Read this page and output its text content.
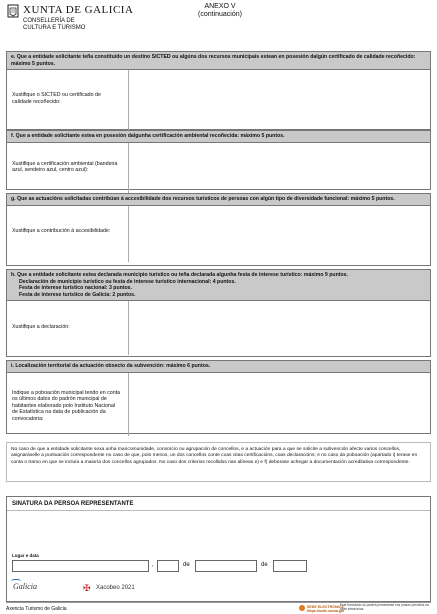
XUNTA DE GALICIA
CONSELLERÍA DE
CULTURA E TURISMO
ANEXO V
(continuación)
e. Que a entidade solicitante teña constituído un destino SICTED ou algúns dos recursos municipais estean en posesión dalgún certificado de calidade recoñecido: máximo 5 puntos.
Xustifique o SICTED ou certificado de calidade recoñecido:
f. Que a entidade solicitante estea en posesión dalgunha certificación ambiental recoñecida: máximo 5 puntos.
Xustifique a certificación ambiental (bandeira azul, sendeiro azul, centro azul):
g. Que as actuacións solicitadas contribúan á accesibilidade dos recursos turísticos de persoas con algún tipo de diversidade funcional: máximo 5 puntos.
Xustifique a contribución á accesibilidade:
h. Que a entidade solicitante estea declarada municipio turístico ou teña declarada algunha festa de interese turístico: máximo 9 puntos.
Declaración de municipio turístico ou festa de interese turístico internacional: 4 puntos.
Festa de interese turístico nacional: 3 puntos.
Festa de interese turístico de Galicia: 2 puntos.
Xustifique a declaración:
i. Localización territorial da actuación obxecto da subvención: máximo 6 puntos.
Indique a poboación municipal tendo en conta os últimos datos do padrón municipal de habitantes elaborado polo Instituto Nacional de Estatística na data de publicación da convocatoria:
No caso de que a entidade solicitante sexa unha mancomunidade, consorcio ou agrupación de concellos, e a actuación para a que se solicite a subvención afecte varios concellos, asignaráselle a puntuación correspondente no caso de que, polo menos, un dos concellos conte coas citas certificacións, coas declaracións; e no caso da poboación (apartado i) terase en conta o tramo en que se incluía a maioría dos concellos agrupados. No caso dos criterios recollidos nas alíneas e) e f) deberase achegar a documentación acreditativa correspondente.
SINATURA DA PERSOA REPRESENTANTE
Lugar e data
,	de	de
Galicia	✠ Xacobeo 2021
Axencia Turismo de Galicia	SEDE ELECTRÓNICA
https://sede.xunta.gal
Este formulario só poderá presentarse nos prazos previstos na sede electrónica.
